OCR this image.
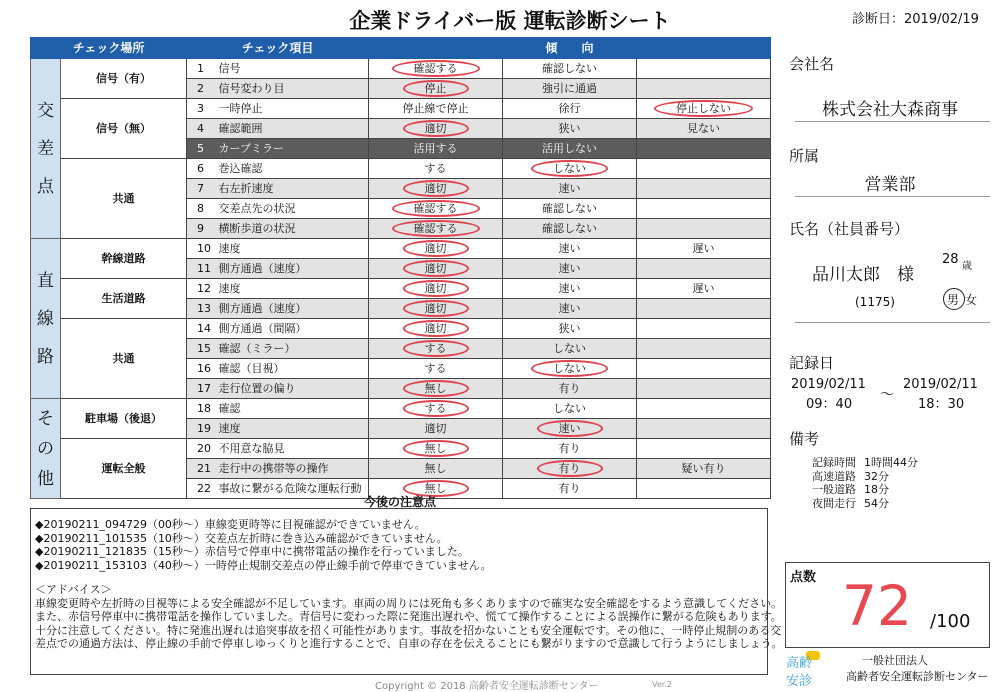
企業ドライバー版 運転診断シート	診断日：2019/02/19
チェック場所		チェック項目		傾　　向		
交差点	信号（有）	1	信号	確認する	確認しない	
		2	信号変わり目	停止	強引に通過	
	信号（無）	3	一時停止	停止線で停止	徐行	停止しない
		4	確認範囲	適切	狭い	見ない
		5	カーブミラー	活用する	活用しない	
	共通	6	巻込確認	する	しない	
		7	右左折速度	適切	速い	
		8	交差点先の状況	確認する	確認しない	
		9	横断歩道の状況	確認する	確認しない	
直線路	幹線道路	10	速度	適切	速い	遅い
		11	側方通過（速度）	適切	速い	
	生活道路	12	速度	適切	速い	遅い
		13	側方通過（速度）	適切	速い	
	共通	14	側方通過（間隔）	適切	狭い	
		15	確認（ミラー）	する	しない	
		16	確認（目視）	する	しない	
		17	走行位置の偏り	無し	有り	
その他	駐車場（後退）	18	確認	する	しない	
		19	速度	適切	速い	
	運転全般	20	不用意な脇見	無し	有り	
		21	走行中の携帯等の操作	無し	有り	疑い有り
		22	事故に繋がる危険な運転行動	無し	有り	
今後の注意点
◆20190211_094729（00秒～）車線変更時等に目視確認ができていません。
◆20190211_101535（10秒～）交差点左折時に巻き込み確認ができていません。
◆20190211_121835（15秒～）赤信号で停車中に携帯電話の操作を行っていました。
◆20190211_153103（40秒～）一時停止規制交差点の停止線手前で停車できていません。
＜アドバイス＞
車線変更時や左折時の目視等による安全確認が不足しています。車両の周りには死角も多くありますので確実な安全確認をするよう意識してください。
また、赤信号停車中に携帯電話を操作していました。青信号に変わった際に発進出遅れや、慌てて操作することによる誤操作に繋がる危険もあります。
十分に注意してください。特に発進出遅れは追突事故を招く可能性があります。事故を招かないことも安全運転です。その他に、一時停止規制のある交
差点での通過方法は、停止線の手前で停車しゆっくりと進行することで、自車の存在を伝えることにも繋がりますので意識して行うようにしましょう。
Copyright © 2018 高齢者安全運転診断センター	Ver.2
会社名
株式会社大森商事
所属
営業部
氏名（社員番号）
品川太郎　様
28 歳
(1175)	男 女
記録日
2019/02/11
09：40
～
2019/02/11
18：30
備考
記録時間	1時間44分
高速道路	32分
一般道路	18分
夜間走行	54分
点数 72 /100
高齢
安診
一般社団法人
高齢者安全運転診断センター
